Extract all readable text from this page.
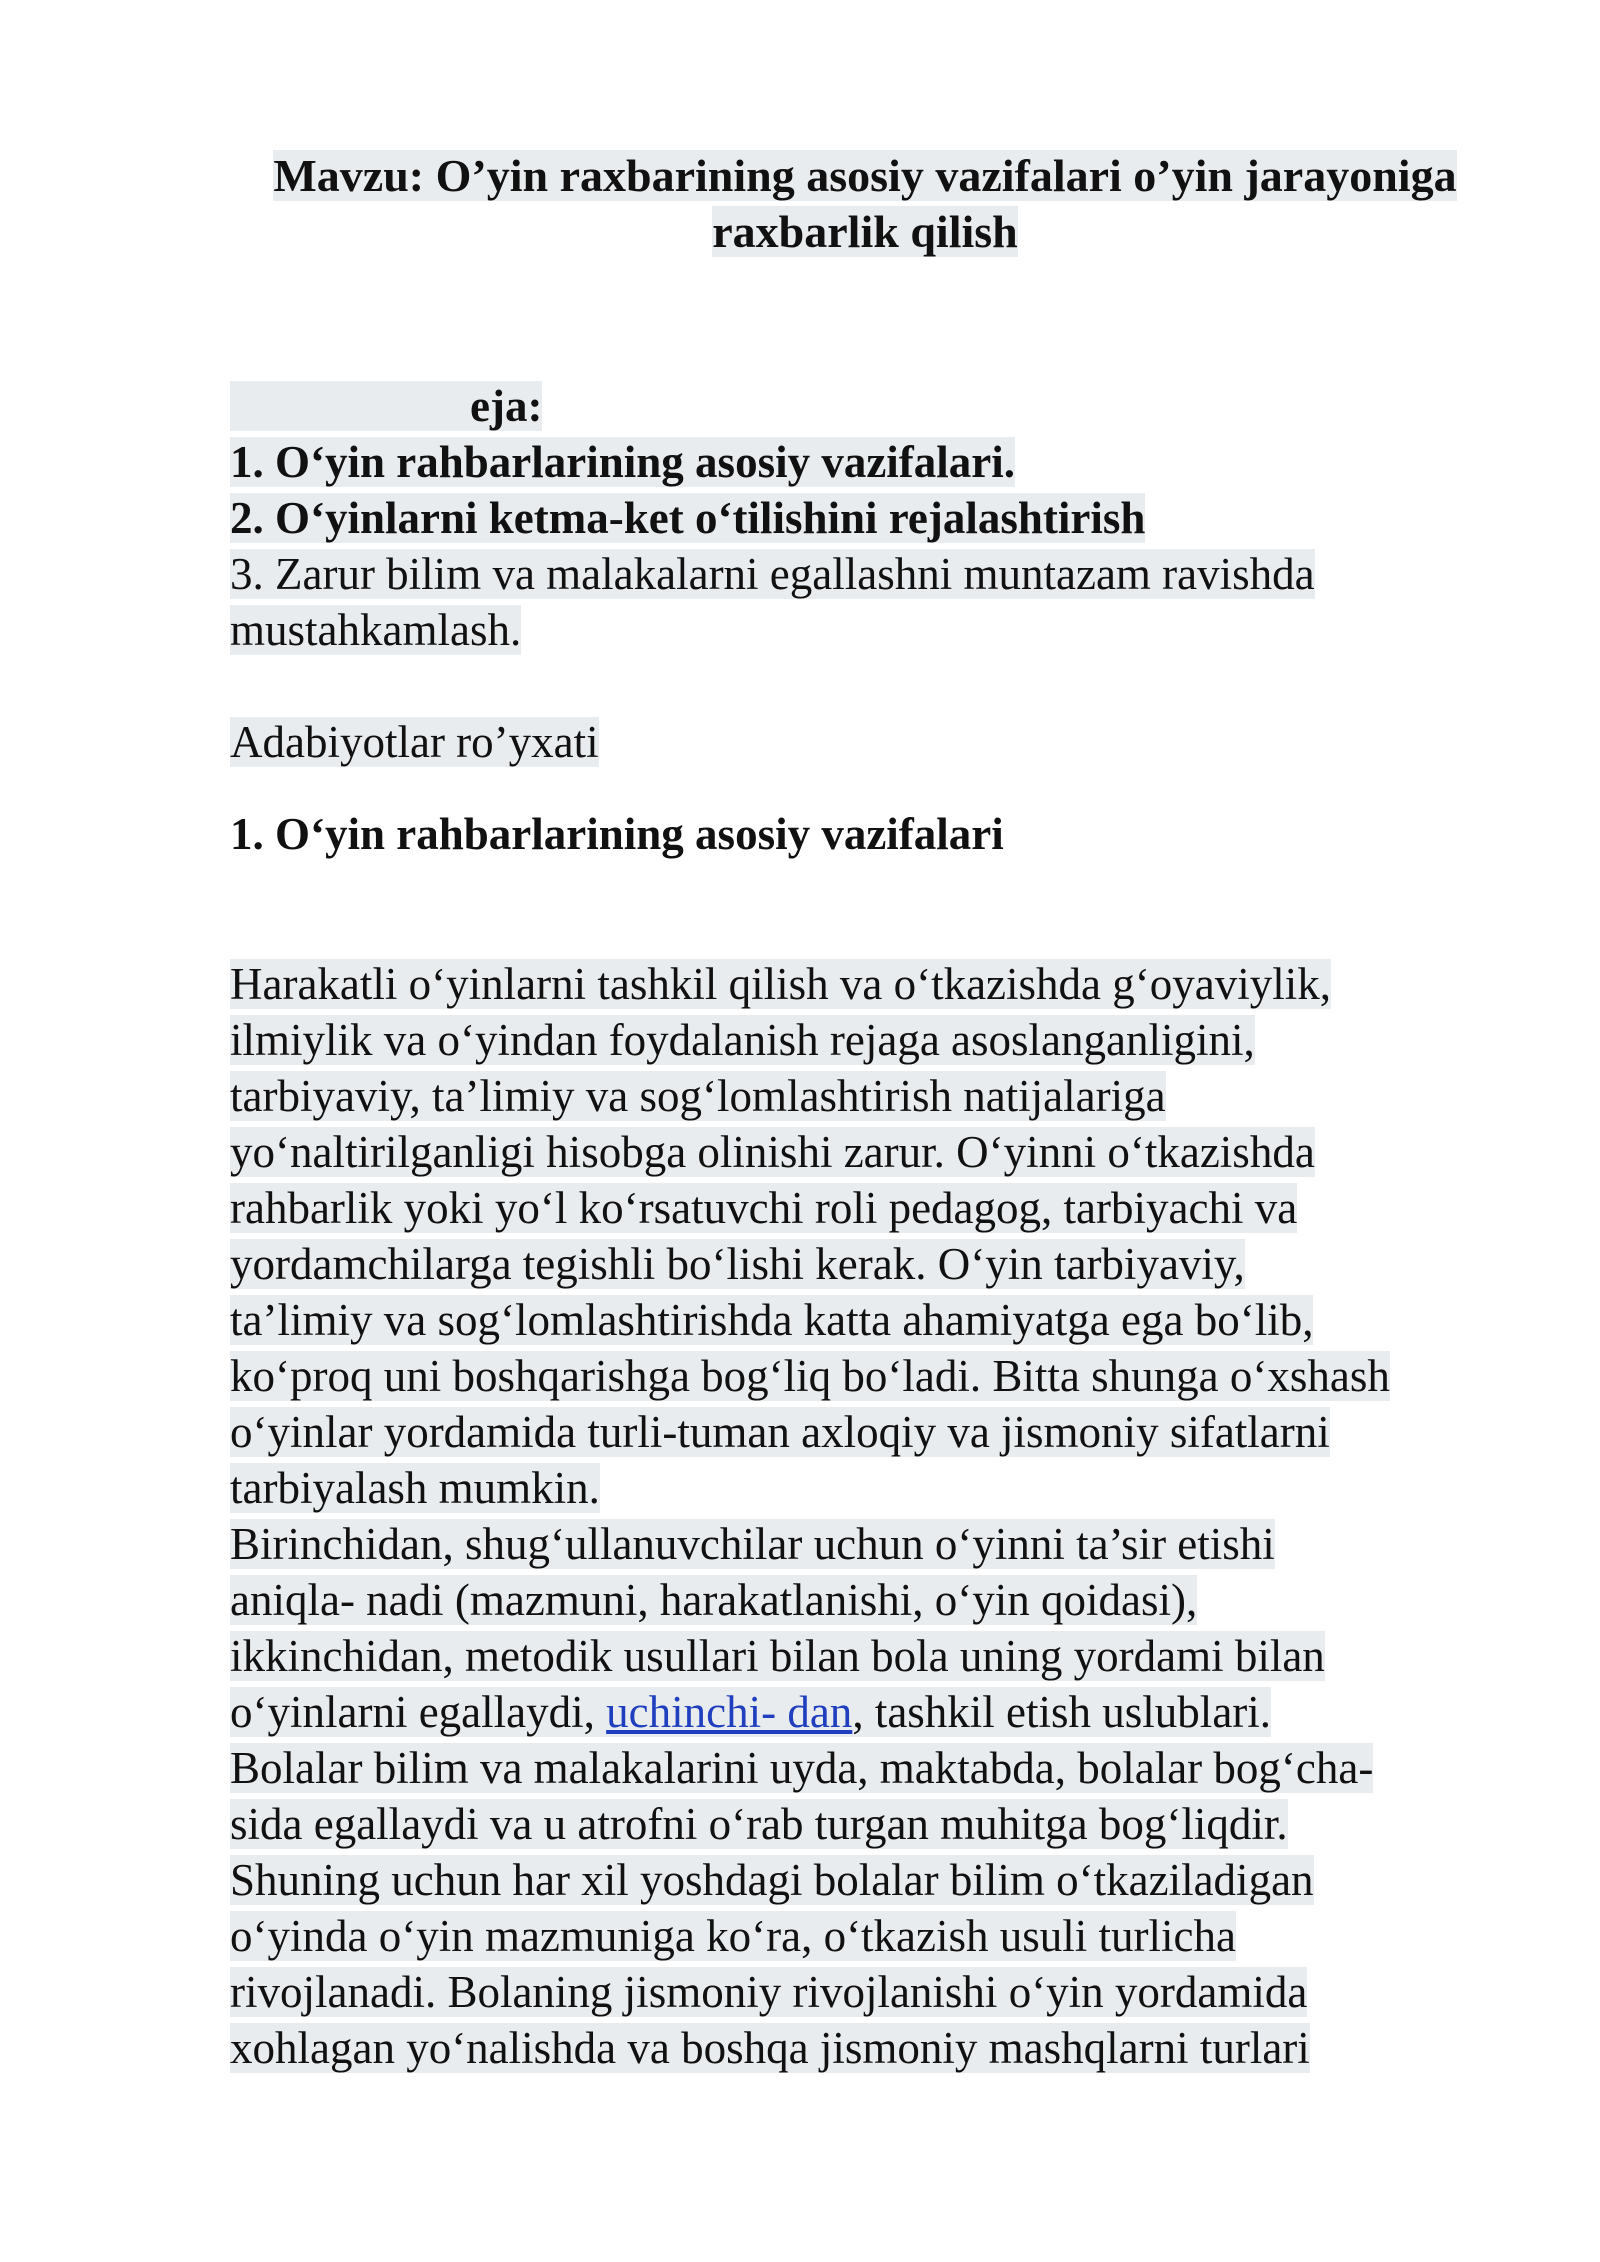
Mavzu: O’yin raxbarining asosiy vazifalari o’yin jarayoniga
raxbarlik qilish
eja:
1. O‘yin rahbarlarining asosiy vazifalari.
2. O‘yinlarni ketma-ket o‘tilishini rejalashtirish
3. Zarur bilim va malakalarni egallashni muntazam ravishda
mustahkamlash.
Adabiyotlar ro’yxati
1. O‘yin rahbarlarining asosiy vazifalari
Harakatli o‘yinlarni tashkil qilish va o‘tkazishda g‘oyaviylik,
ilmiylik va o‘yindan foydalanish rejaga asoslanganligini,
tarbiyaviy, ta’limiy va sog‘lomlashtirish natijalariga
yo‘naltirilganligi hisobga olinishi zarur. O‘yinni o‘tkazishda
rahbarlik yoki yo‘l ko‘rsatuvchi roli pedagog, tarbiyachi va
yordamchilarga tegishli bo‘lishi kerak. O‘yin tarbiyaviy,
ta’limiy va sog‘lomlashtirishda katta ahamiyatga ega bo‘lib,
ko‘proq uni boshqarishga bog‘liq bo‘ladi. Bitta shunga o‘xshash
o‘yinlar yordamida turli-tuman axloqiy va jismoniy sifatlarni
tarbiyalash mumkin.
Birinchidan, shug‘ullanuvchilar uchun o‘yinni ta’sir etishi
aniqla- nadi (mazmuni, harakatlanishi, o‘yin qoidasi),
ikkinchidan, metodik usullari bilan bola uning yordami bilan
o‘yinlarni egallaydi, uchinchi- dan, tashkil etish uslublari.
Bolalar bilim va malakalarini uyda, maktabda, bolalar bog‘cha-
sida egallaydi va u atrofni o‘rab turgan muhitga bog‘liqdir.
Shuning uchun har xil yoshdagi bolalar bilim o‘tkaziladigan
o‘yinda o‘yin mazmuniga ko‘ra, o‘tkazish usuli turlicha
rivojlanadi. Bolaning jismoniy rivojlanishi o‘yin yordamida
xohlagan yo‘nalishda va boshqa jismoniy mashqlarni turlari
